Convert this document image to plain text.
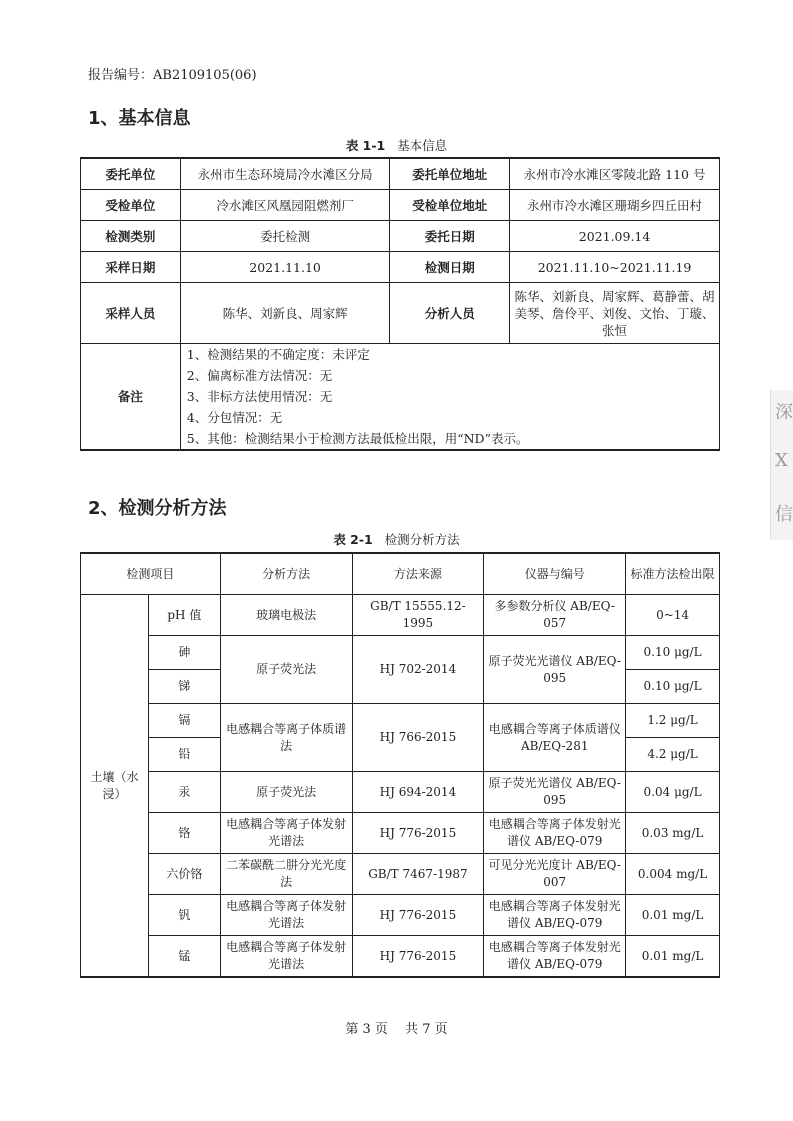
报告编号：AB2109105(06)
1、基本信息
表 1-1 基本信息
委托单位	永州市生态环境局冷水滩区分局	委托单位地址	永州市冷水滩区零陵北路 110 号
受检单位	冷水滩区风凰园阻燃剂厂	受检单位地址	永州市冷水滩区珊瑚乡四丘田村
检测类别	委托检测	委托日期	2021.09.14
采样日期	2021.11.10	检测日期	2021.11.10~2021.11.19
采样人员	陈华、刘新良、周家辉	分析人员	陈华、刘新良、周家辉、葛静蕾、胡美琴、詹伶平、刘俊、文怡、丁璇、张恒
备注	1、检测结果的不确定度：未评定
2、偏离标准方法情况：无
3、非标方法使用情况：无
4、分包情况：无
5、其他：检测结果小于检测方法最低检出限，用“ND”表示。		
2、检测分析方法
表 2-1 检测分析方法
检测项目		分析方法	方法来源	仪器与编号	标准方法检出限
土壤（水浸）	pH 值	玻璃电极法	GB/T 15555.12-1995	多参数分析仪 AB/EQ-057	0~14
	砷	原子荧光法	HJ 702-2014	原子荧光光谱仪 AB/EQ-095	0.10 μg/L
	锑				0.10 μg/L
	镉	电感耦合等离子体质谱法	HJ 766-2015	电感耦合等离子体质谱仪 AB/EQ-281	1.2 μg/L
	铅				4.2 μg/L
	汞	原子荧光法	HJ 694-2014	原子荧光光谱仪 AB/EQ-095	0.04 μg/L
	铬	电感耦合等离子体发射光谱法	HJ 776-2015	电感耦合等离子体发射光谱仪 AB/EQ-079	0.03 mg/L
	六价铬	二苯碳酰二肼分光光度法	GB/T 7467-1987	可见分光光度计 AB/EQ-007	0.004 mg/L
	钒	电感耦合等离子体发射光谱法	HJ 776-2015	电感耦合等离子体发射光谱仪 AB/EQ-079	0.01 mg/L
	锰	电感耦合等离子体发射光谱法	HJ 776-2015	电感耦合等离子体发射光谱仪 AB/EQ-079	0.01 mg/L
第 3 页　 共 7 页
深
X
信
